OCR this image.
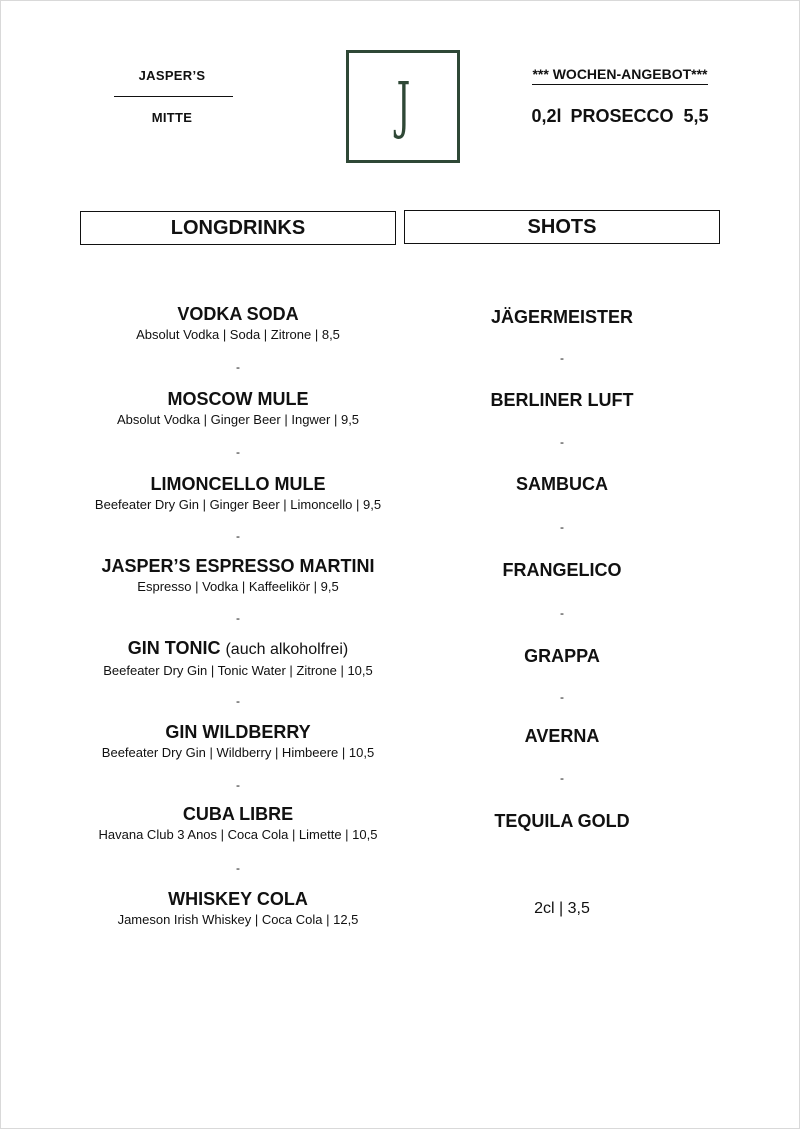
JASPER’S
MITTE	J	*** WOCHEN-ANGEBOT***
0,2l PROSECCO 5,5
LONGDRINKS	SHOTS
VODKA SODA
Absolut Vodka | Soda | Zitrone | 8,5
-
MOSCOW MULE
Absolut Vodka | Ginger Beer | Ingwer | 9,5
-
LIMONCELLO MULE
Beefeater Dry Gin | Ginger Beer | Limoncello | 9,5
-
JASPER’S ESPRESSO MARTINI
Espresso | Vodka | Kaffeelikör | 9,5
-
GIN TONIC (auch alkoholfrei)
Beefeater Dry Gin | Tonic Water | Zitrone | 10,5
-
GIN WILDBERRY
Beefeater Dry Gin | Wildberry | Himbeere | 10,5
-
CUBA LIBRE
Havana Club 3 Anos | Coca Cola | Limette | 10,5
-
WHISKEY COLA
Jameson Irish Whiskey | Coca Cola | 12,5
JÄGERMEISTER
-
BERLINER LUFT
-
SAMBUCA
-
FRANGELICO
-
GRAPPA
-
AVERNA
-
TEQUILA GOLD
2cl | 3,5
